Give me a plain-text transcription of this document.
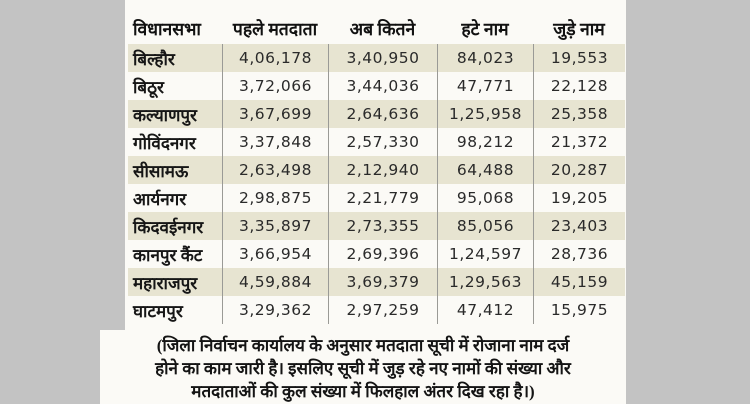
विधानसभा	पहले मतदाता	अब कितने	हटे नाम	जुड़े नाम
बिल्हौर	4,06,178	3,40,950	84,023	19,553
बिठूर	3,72,066	3,44,036	47,771	22,128
कल्याणपुर	3,67,699	2,64,636	1,25,958	25,358
गोविंदनगर	3,37,848	2,57,330	98,212	21,372
सीसामऊ	2,63,498	2,12,940	64,488	20,287
आर्यनगर	2,98,875	2,21,779	95,068	19,205
किदवईनगर	3,35,897	2,73,355	85,056	23,403
कानपुर कैंट	3,66,954	2,69,396	1,24,597	28,736
महाराजपुर	4,59,884	3,69,379	1,29,563	45,159
घाटमपुर	3,29,362	2,97,259	47,412	15,975
(जिला निर्वाचन कार्यालय के अनुसार मतदाता सूची में रोजाना नाम दर्ज
होने का काम जारी है। इसलिए सूची में जुड़ रहे नए नामों की संख्या और
मतदाताओं की कुल संख्या में फिलहाल अंतर दिख रहा है।)
